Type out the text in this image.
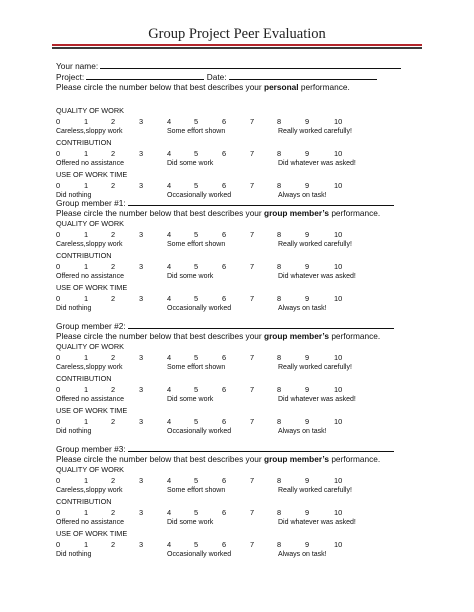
Group Project Peer Evaluation
Your name:
Project:	Date:
Please circle the number below that best describes your personal performance.
QUALITY OF WORK
0	1	2	3	4	5	6	7	8	9	10
Careless,sloppy work	Some effort shown	Really worked carefully!
CONTRIBUTION
0	1	2	3	4	5	6	7	8	9	10
Offered no assistance	Did some work	Did whatever was asked!
USE OF WORK TIME
0	1	2	3	4	5	6	7	8	9	10
Did nothing	Occasionally worked	Always on task!
Group member #1:
Please circle the number below that best describes your group member’s performance.
QUALITY OF WORK
0	1	2	3	4	5	6	7	8	9	10
Careless,sloppy work	Some effort shown	Really worked carefully!
CONTRIBUTION
0	1	2	3	4	5	6	7	8	9	10
Offered no assistance	Did some work	Did whatever was asked!
USE OF WORK TIME
0	1	2	3	4	5	6	7	8	9	10
Did nothing	Occasionally worked	Always on task!
Group member #2:
Please circle the number below that best describes your group member’s performance.
QUALITY OF WORK
0	1	2	3	4	5	6	7	8	9	10
Careless,sloppy work	Some effort shown	Really worked carefully!
CONTRIBUTION
0	1	2	3	4	5	6	7	8	9	10
Offered no assistance	Did some work	Did whatever was asked!
USE OF WORK TIME
0	1	2	3	4	5	6	7	8	9	10
Did nothing	Occasionally worked	Always on task!
Group member #3:
Please circle the number below that best describes your group member’s performance.
QUALITY OF WORK
0	1	2	3	4	5	6	7	8	9	10
Careless,sloppy work	Some effort shown	Really worked carefully!
CONTRIBUTION
0	1	2	3	4	5	6	7	8	9	10
Offered no assistance	Did some work	Did whatever was asked!
USE OF WORK TIME
0	1	2	3	4	5	6	7	8	9	10
Did nothing	Occasionally worked	Always on task!
